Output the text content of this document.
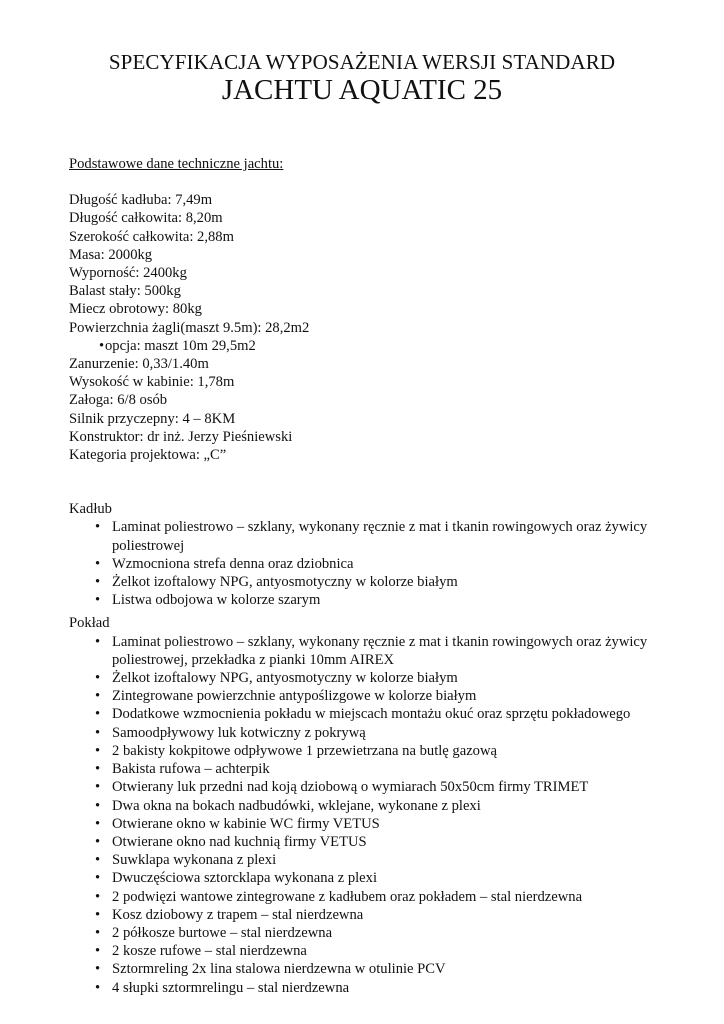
SPECYFIKACJA WYPOSAŻENIA WERSJI STANDARD
JACHTU AQUATIC 25
Podstawowe dane techniczne jachtu:
Długość kadłuba: 7,49m
Długość całkowita: 8,20m
Szerokość całkowita: 2,88m
Masa: 2000kg
Wyporność: 2400kg
Balast stały: 500kg
Miecz obrotowy: 80kg
Powierzchnia żagli(maszt 9.5m): 28,2m2
• opcja: maszt 10m 29,5m2
Zanurzenie: 0,33/1.40m
Wysokość w kabinie: 1,78m
Załoga: 6/8 osób
Silnik przyczepny: 4 – 8KM
Konstruktor: dr inż. Jerzy Pieśniewski
Kategoria projektowa: „C”
Kadłub
• Laminat poliestrowo – szklany, wykonany ręcznie z mat i tkanin rowingowych oraz żywicy
poliestrowej
• Wzmocniona strefa denna oraz dziobnica
• Żelkot izoftalowy NPG, antyosmotyczny w kolorze białym
• Listwa odbojowa w kolorze szarym
Pokład
• Laminat poliestrowo – szklany, wykonany ręcznie z mat i tkanin rowingowych oraz żywicy
poliestrowej, przekładka z pianki 10mm AIREX
• Żelkot izoftalowy NPG, antyosmotyczny w kolorze białym
• Zintegrowane powierzchnie antypoślizgowe w kolorze białym
• Dodatkowe wzmocnienia pokładu w miejscach montażu okuć oraz sprzętu pokładowego
• Samoodpływowy luk kotwiczny z pokrywą
• 2 bakisty kokpitowe odpływowe 1 przewietrzana na butlę gazową
• Bakista rufowa – achterpik
• Otwierany luk przedni nad koją dziobową o wymiarach 50x50cm firmy TRIMET
• Dwa okna na bokach nadbudówki, wklejane, wykonane z plexi
• Otwierane okno w kabinie WC firmy VETUS
• Otwierane okno nad kuchnią firmy VETUS
• Suwklapa wykonana z plexi
• Dwuczęściowa sztorcklapa wykonana z plexi
• 2 podwięzi wantowe zintegrowane z kadłubem oraz pokładem – stal nierdzewna
• Kosz dziobowy z trapem – stal nierdzewna
• 2 półkosze burtowe – stal nierdzewna
• 2 kosze rufowe – stal nierdzewna
• Sztormreling 2x lina stalowa nierdzewna w otulinie PCV
• 4 słupki sztormrelingu – stal nierdzewna
